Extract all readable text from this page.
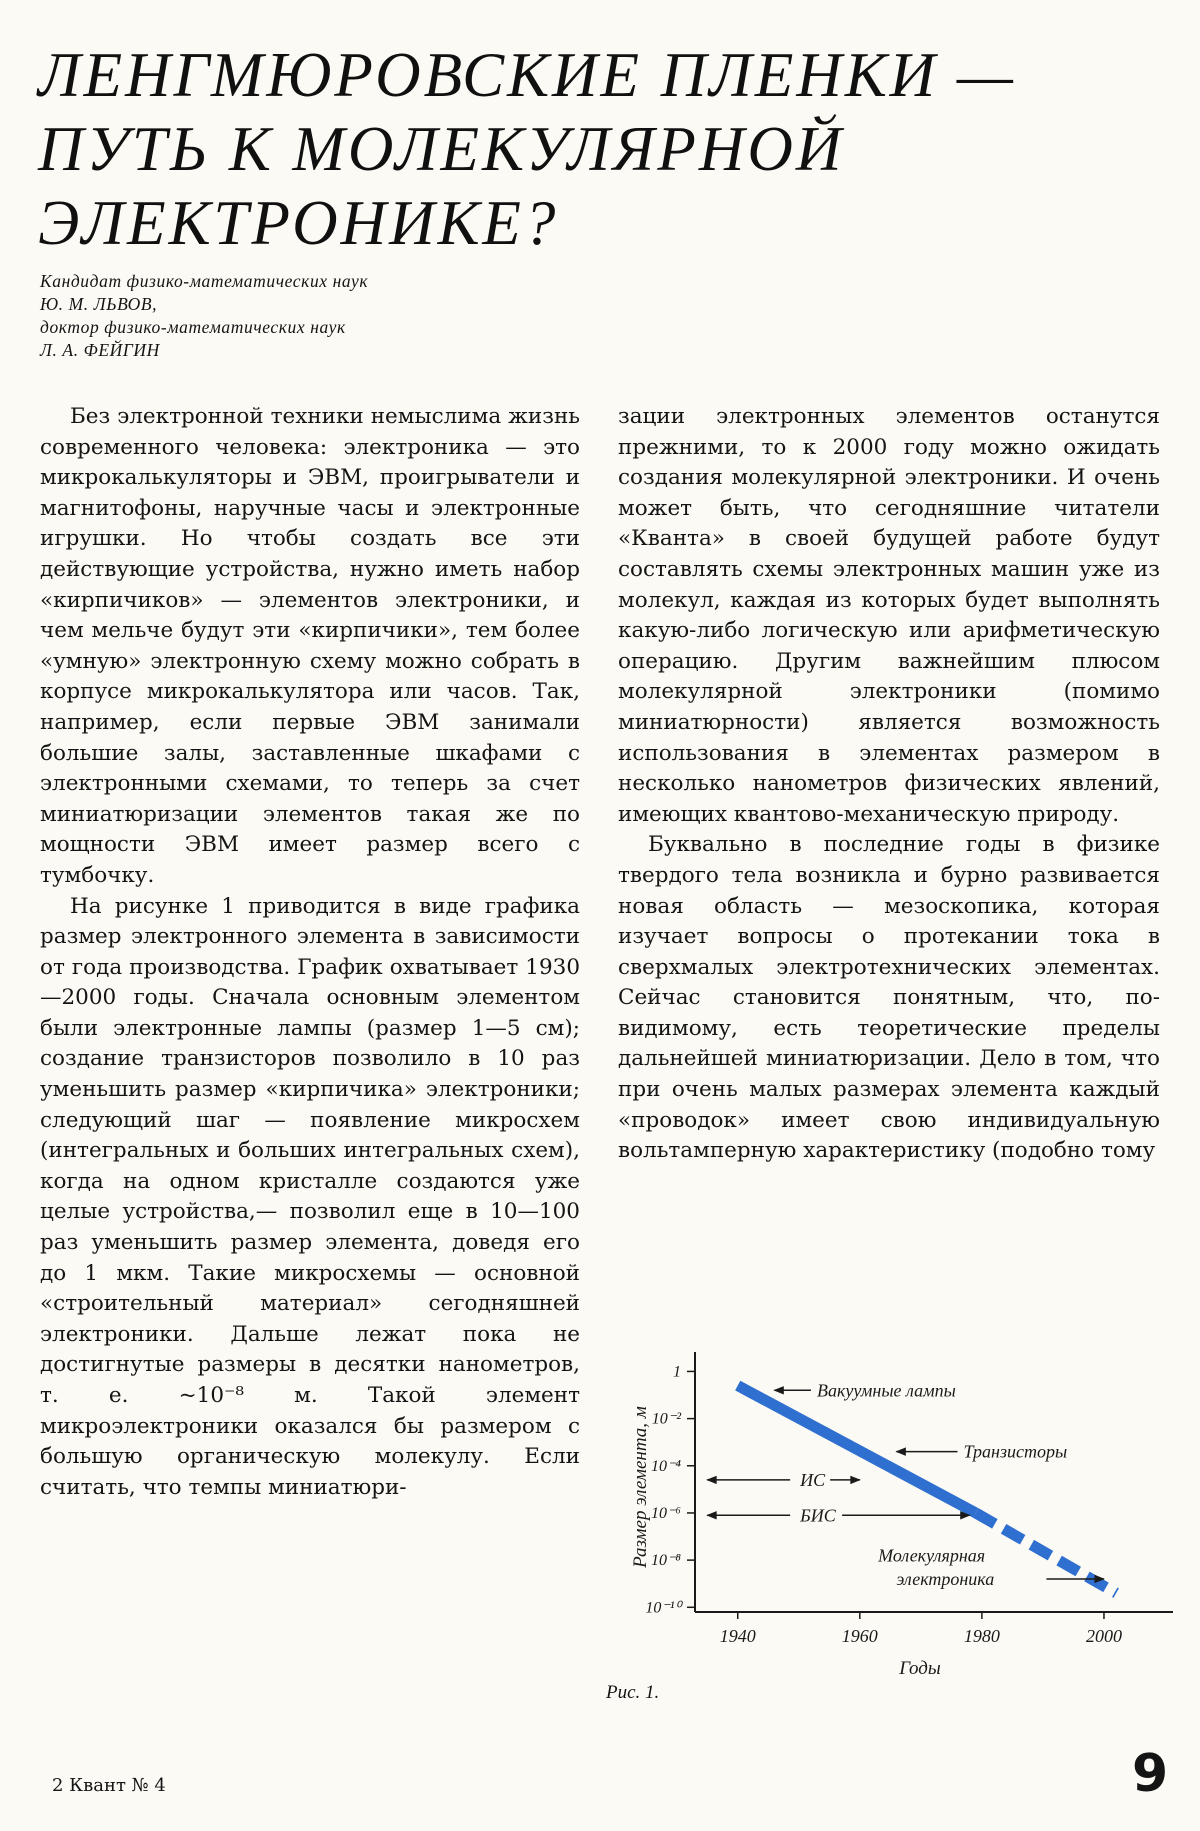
ЛЕНГМЮРОВСКИЕ ПЛЕНКИ —
ПУТЬ К МОЛЕКУЛЯРНОЙ
ЭЛЕКТРОНИКЕ?
Кандидат физико-математических наук
Ю. М. ЛЬВОВ,
доктор физико-математических наук
Л. А. ФЕЙГИН

Без электронной техники немыслима жизнь современного человека: электроника — это микрокалькуляторы и ЭВМ, проигрыватели и магнитофоны, наручные часы и электронные игрушки. Но чтобы создать все эти действующие устройства, нужно иметь набор «кирпичиков» — элементов электроники, и чем мельче будут эти «кирпичики», тем более «умную» электронную схему можно собрать в корпусе микрокалькулятора или часов. Так, например, если первые ЭВМ занимали большие залы, заставленные шкафами с электронными схемами, то теперь за счет миниатюризации элементов такая же по мощности ЭВМ имеет размер всего с тумбочку.

На рисунке 1 приводится в виде графика размер электронного элемента в зависимости от года производства. График охватывает 1930—2000 годы. Сначала основным элементом были электронные лампы (размер 1—5 см); создание транзисторов позволило в 10 раз уменьшить размер «кирпичика» электроники; следующий шаг — появление микросхем (интегральных и больших интегральных схем), когда на одном кристалле создаются уже целые устройства,— позволил еще в 10—100 раз уменьшить размер элемента, доведя его до 1 мкм. Такие микросхемы — основной «строительный материал» сегодняшней электроники. Дальше лежат пока не достигнутые размеры в десятки нанометров, т. е. ~10⁻⁸ м. Такой элемент микроэлектроники оказался бы размером с большую органическую молекулу. Если считать, что темпы миниатюри-

зации электронных элементов останутся прежними, то к 2000 году можно ожидать создания молекулярной электроники. И очень может быть, что сегодняшние читатели «Кванта» в своей будущей работе будут составлять схемы электронных машин уже из молекул, каждая из которых будет выполнять какую-либо логическую или арифметическую операцию. Другим важнейшим плюсом молекулярной электроники (помимо миниатюрности) является возможность использования в элементах размером в несколько нанометров физических явлений, имеющих квантово-механическую природу.

Буквально в последние годы в физике твердого тела возникла и бурно развивается новая область — мезоскопика, которая изучает вопросы о протекании тока в сверхмалых электротехнических элементах. Сейчас становится понятным, что, по-видимому, есть теоретические пределы дальнейшей миниатюризации. Дело в том, что при очень малых размерах элемента каждый «проводок» имеет свою индивидуальную вольтамперную характеристику (подобно тому

1
10⁻²
10⁻⁴
10⁻⁶
10⁻⁸
10⁻¹⁰
1940	1960	1980	2000
Годы
Размер элемента, м
Вакуумные лампы
Транзисторы
ИС
БИС
Молекулярная
электроника
Рис. 1.
2 Квант № 4	9
